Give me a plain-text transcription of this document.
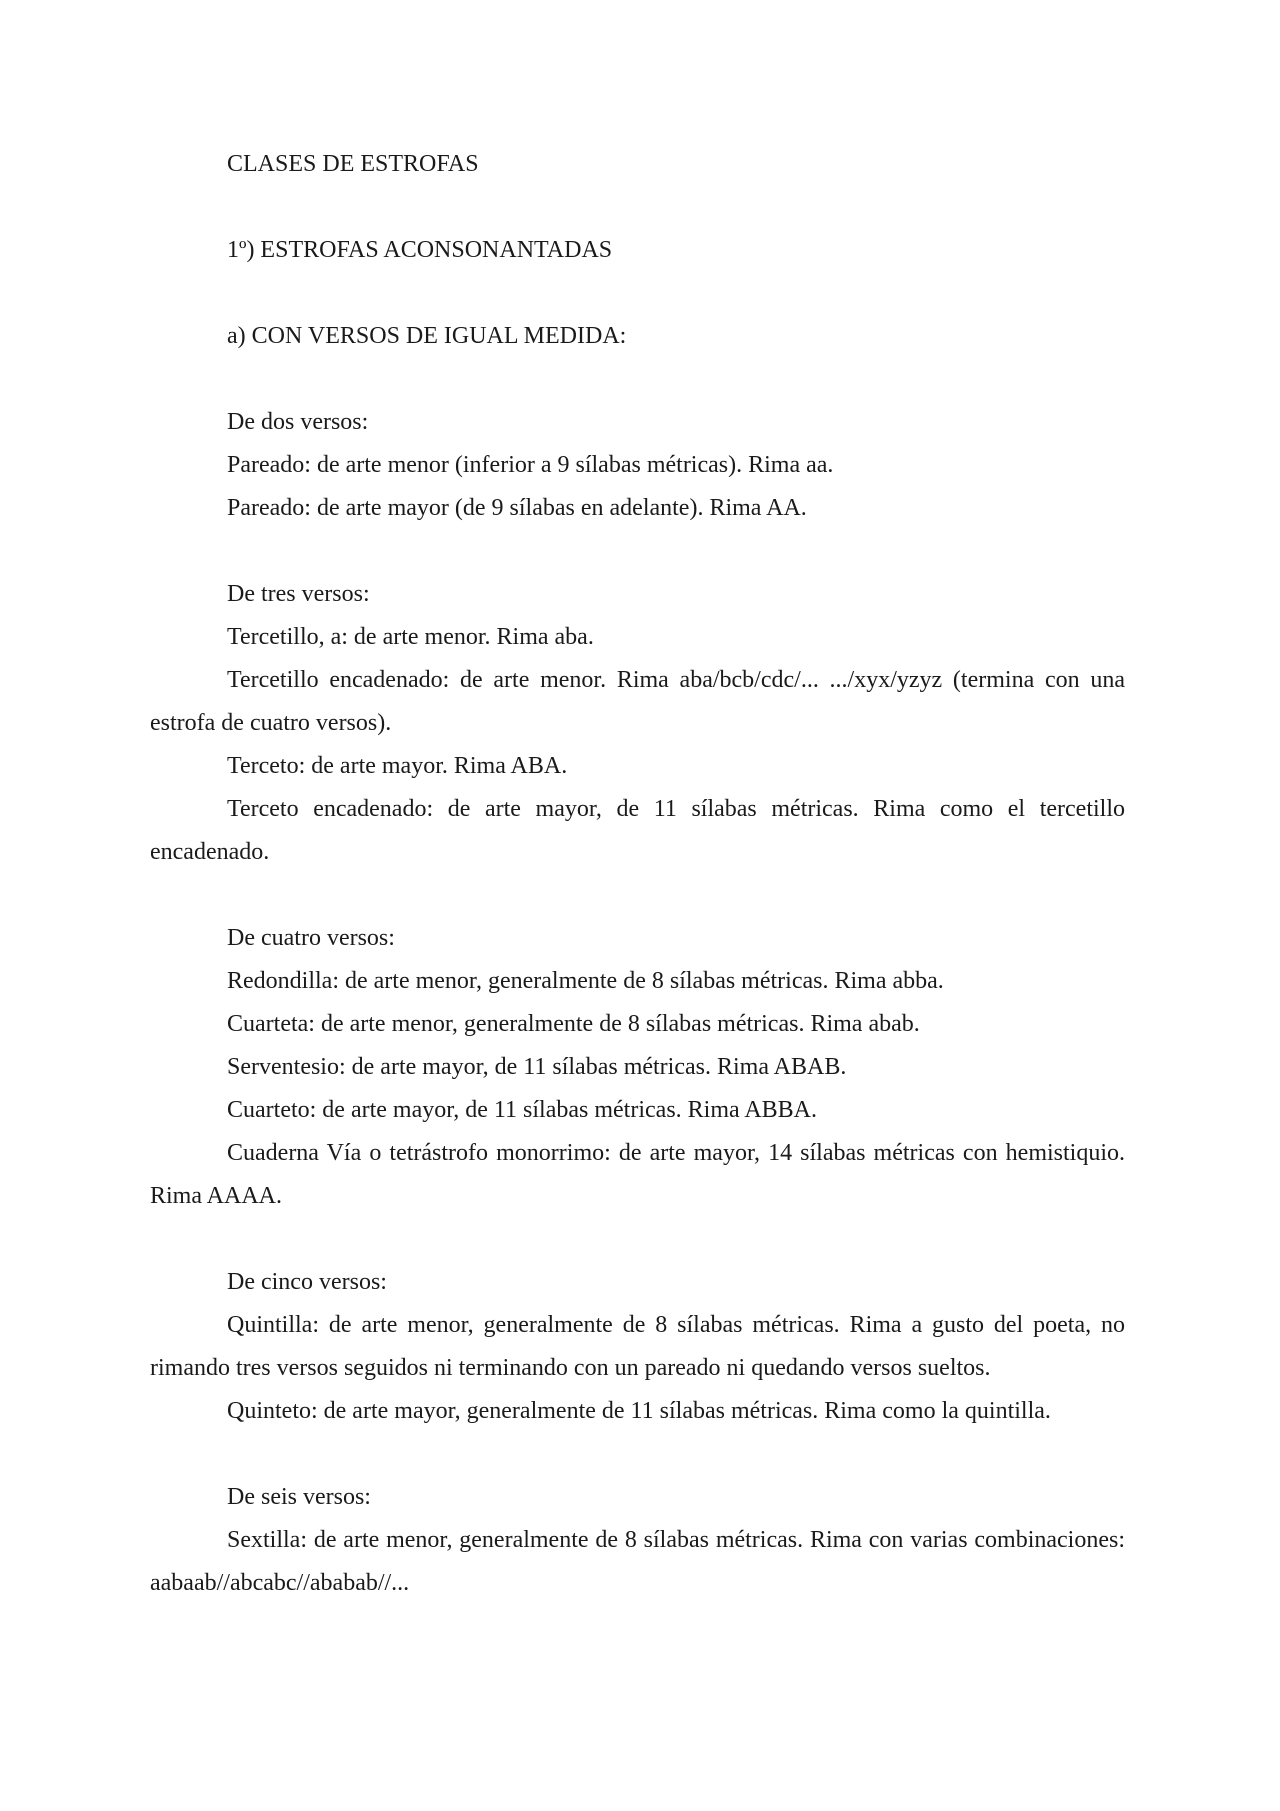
CLASES DE ESTROFAS

1º) ESTROFAS ACONSONANTADAS

a) CON VERSOS DE IGUAL MEDIDA:

De dos versos:

Pareado: de arte menor (inferior a 9 sílabas métricas). Rima aa.

Pareado: de arte mayor (de 9 sílabas en adelante). Rima AA.

De tres versos:

Tercetillo, a: de arte menor. Rima aba.

Tercetillo encadenado: de arte menor. Rima aba/bcb/cdc/... .../xyx/yzyz (termina con una estrofa de cuatro versos).

Terceto: de arte mayor. Rima ABA.

Terceto encadenado: de arte mayor, de 11 sílabas métricas. Rima como el tercetillo encadenado.

De cuatro versos:

Redondilla: de arte menor, generalmente de 8 sílabas métricas. Rima abba.

Cuarteta: de arte menor, generalmente de 8 sílabas métricas. Rima abab.

Serventesio: de arte mayor, de 11 sílabas métricas. Rima ABAB.

Cuarteto: de arte mayor, de 11 sílabas métricas. Rima ABBA.

Cuaderna Vía o tetrástrofo monorrimo: de arte mayor, 14 sílabas métricas con hemistiquio. Rima AAAA.

De cinco versos:

Quintilla: de arte menor, generalmente de 8 sílabas métricas. Rima a gusto del poeta, no rimando tres versos seguidos ni terminando con un pareado ni quedando versos sueltos.

Quinteto: de arte mayor, generalmente de 11 sílabas métricas. Rima como la quintilla.

De seis versos:

Sextilla: de arte menor, generalmente de 8 sílabas métricas. Rima con varias combinaciones: aabaab//abcabc//ababab//...
